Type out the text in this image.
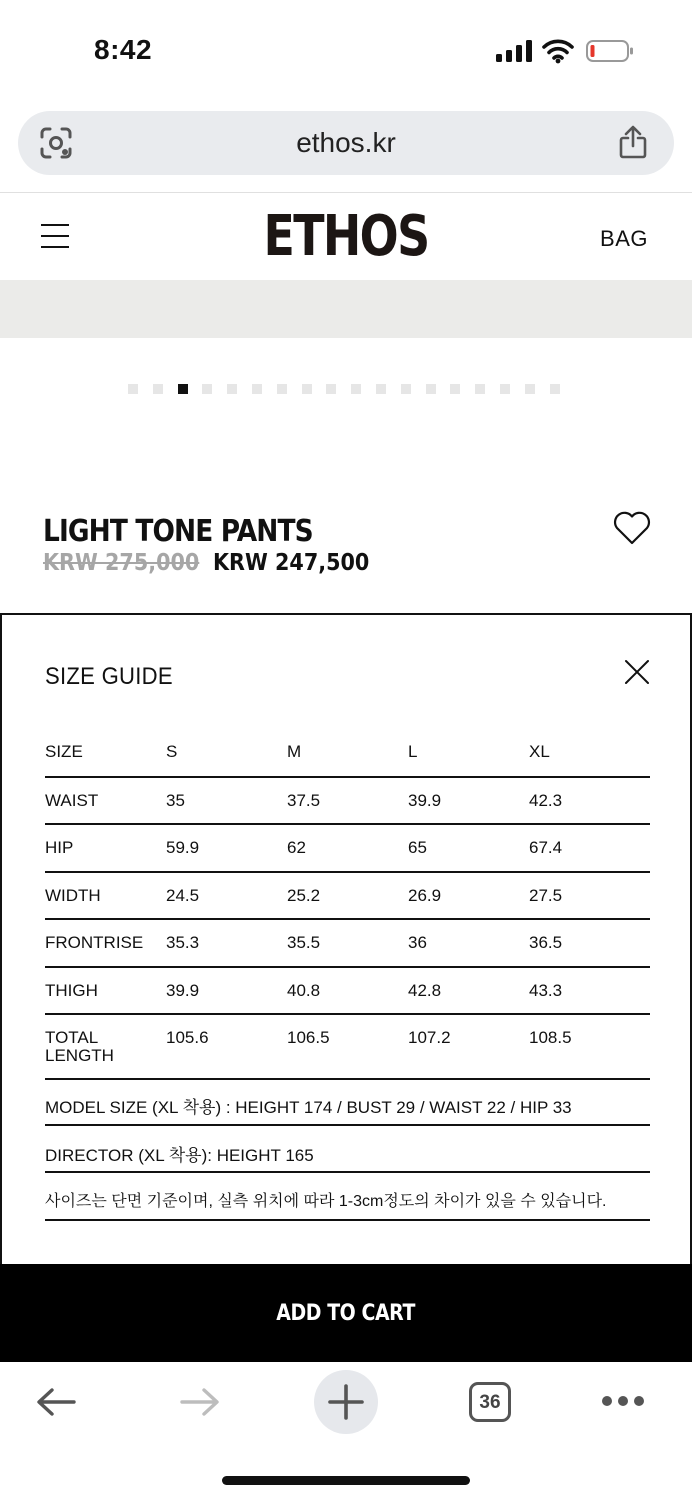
8:42
ethos.kr
ETHOS	BAG
LIGHT TONE PANTS
KRW 275,000 KRW 247,500
SIZE GUIDE
SIZE	S	M	L	XL
WAIST	35	37.5	39.9	42.3
HIP	59.9	62	65	67.4
WIDTH	24.5	25.2	26.9	27.5
FRONTRISE	35.3	35.5	36	36.5
THIGH	39.9	40.8	42.8	43.3
TOTAL LENGTH	105.6	106.5	107.2	108.5
MODEL SIZE (XL 착용) : HEIGHT 174 / BUST 29 / WAIST 22 / HIP 33
DIRECTOR (XL 착용): HEIGHT 165
사이즈는 단면 기준이며, 실측 위치에 따라 1-3cm정도의 차이가 있을 수 있습니다.
ADD TO CART
36
